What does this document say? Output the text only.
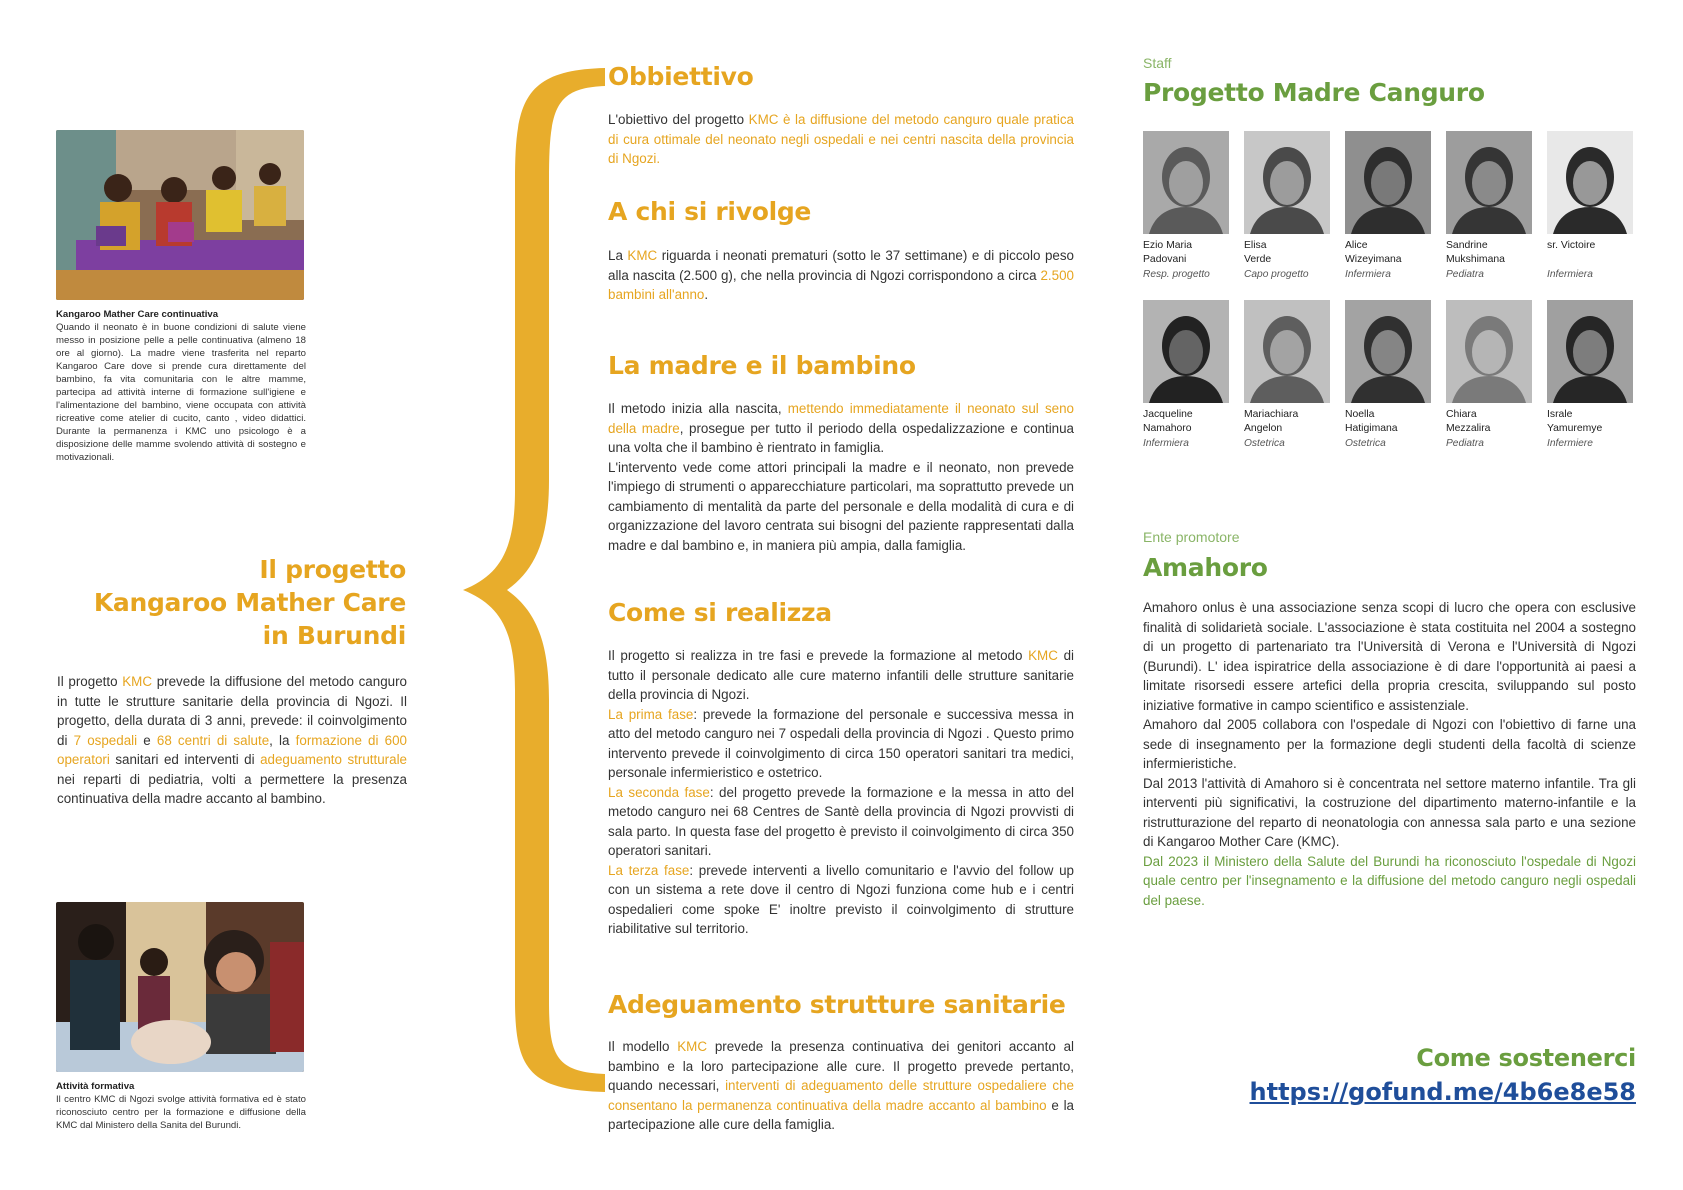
Kangaroo Mather Care continuativa
Quando il neonato è in buone condizioni di salute viene messo in posizione pelle a pelle continuativa (almeno 18 ore al giorno). La madre viene trasferita nel reparto Kangaroo Care dove si prende cura direttamente del bambino, fa vita comunitaria con le altre mamme, partecipa ad attività interne di formazione sull'igiene e l'alimentazione del bambino, viene occupata con attività ricreative come atelier di cucito, canto , video didattici. Durante la permanenza i KMC uno psicologo è a disposizione delle mamme svolendo attività di sostegno e motivazionali.
Il progetto
Kangaroo Mather Care
in Burundi
Il progetto KMC prevede la diffusione del metodo canguro in tutte le strutture sanitarie della provincia di Ngozi. Il progetto, della durata di 3 anni, prevede: il coinvolgimento di 7 ospedali e 68 centri di salute, la formazione di 600 operatori sanitari ed interventi di adeguamento strutturale nei reparti di pediatria, volti a permettere la presenza continuativa della madre accanto al bambino.
Attività formativa
Il centro KMC di Ngozi svolge attività formativa ed è stato riconosciuto centro per la formazione e diffusione della KMC dal Ministero della Sanita del Burundi.
Obbiettivo
L'obiettivo del progetto KMC è la diffusione del metodo canguro quale pratica di cura ottimale del neonato negli ospedali e nei centri nascita della provincia di Ngozi.
A chi si rivolge
La KMC riguarda i neonati prematuri (sotto le 37 settimane) e di piccolo peso alla nascita (2.500 g), che nella provincia di Ngozi corrispondono a circa 2.500 bambini all'anno.
La madre e il bambino
Il metodo inizia alla nascita, mettendo immediatamente il neonato sul seno della madre, prosegue per tutto il periodo della ospedalizzazione e continua una volta che il bambino è rientrato in famiglia.
L'intervento vede come attori principali la madre e il neonato, non prevede l'impiego di strumenti o apparecchiature particolari, ma soprattutto prevede un cambiamento di mentalità da parte del personale e della modalità di cura e di organizzazione del lavoro centrata sui bisogni del paziente rappresentati dalla madre e dal bambino e, in maniera più ampia, dalla famiglia.
Come si realizza
Il progetto si realizza in tre fasi e prevede la formazione al metodo KMC di tutto il personale dedicato alle cure materno infantili delle strutture sanitarie della provincia di Ngozi.
La prima fase: prevede la formazione del personale e successiva messa in atto del metodo canguro nei 7 ospedali della provincia di Ngozi . Questo primo intervento prevede il coinvolgimento di circa 150 operatori sanitari tra medici, personale infermieristico e ostetrico.
La seconda fase: del progetto prevede la formazione e la messa in atto del metodo canguro nei 68 Centres de Santè della provincia di Ngozi provvisti di sala parto. In questa fase del progetto è previsto il coinvolgimento di circa 350 operatori sanitari.
La terza fase: prevede interventi a livello comunitario e l'avvio del follow up con un sistema a rete dove il centro di Ngozi funziona come hub e i centri ospedalieri come spoke E' inoltre previsto il coinvolgimento di strutture riabilitative sul territorio.
Adeguamento strutture sanitarie
Il modello KMC prevede la presenza continuativa dei genitori accanto al bambino e la loro partecipazione alle cure. Il progetto prevede pertanto, quando necessari, interventi di adeguamento delle strutture ospedaliere che consentano la permanenza continuativa della madre accanto al bambino e la partecipazione alle cure della famiglia.
Staff
Progetto Madre Canguro
Ezio Maria
Padovani
Resp. progetto
Elisa
Verde
Capo progetto
Alice
Wizeyimana
Infermiera
Sandrine
Mukshimana
Pediatra
sr. Victoire
Infermiera
Jacqueline
Namahoro
Infermiera
Mariachiara
Angelon
Ostetrica
Noella
Hatigimana
Ostetrica
Chiara
Mezzalira
Pediatra
Israle
Yamuremye
Infermiere
Ente promotore
Amahoro
Amahoro onlus è una associazione senza scopi di lucro che opera con esclusive finalità di solidarietà sociale. L'associazione è stata costituita nel 2004 a sostegno di un progetto di partenariato tra l'Università di Verona e l'Università di Ngozi (Burundi). L' idea ispiratrice della associazione è di dare l'opportunità ai paesi a limitate risorsedi essere artefici della propria crescita, sviluppando sul posto iniziative formative in campo scientifico e assistenziale.
Amahoro dal 2005 collabora con l'ospedale di Ngozi con l'obiettivo di farne una sede di insegnamento per la formazione degli studenti della facoltà di scienze infermieristiche.
Dal 2013 l'attività di Amahoro si è concentrata nel settore materno infantile. Tra gli interventi più significativi, la costruzione del dipartimento materno-infantile e la ristrutturazione del reparto di neonatologia con annessa sala parto e una sezione di Kangaroo Mother Care (KMC).
Dal 2023 il Ministero della Salute del Burundi ha riconosciuto l'ospedale di Ngozi quale centro per l'insegnamento e la diffusione del metodo canguro negli ospedali del paese.
Come sostenerci
https://gofund.me/4b6e8e58
